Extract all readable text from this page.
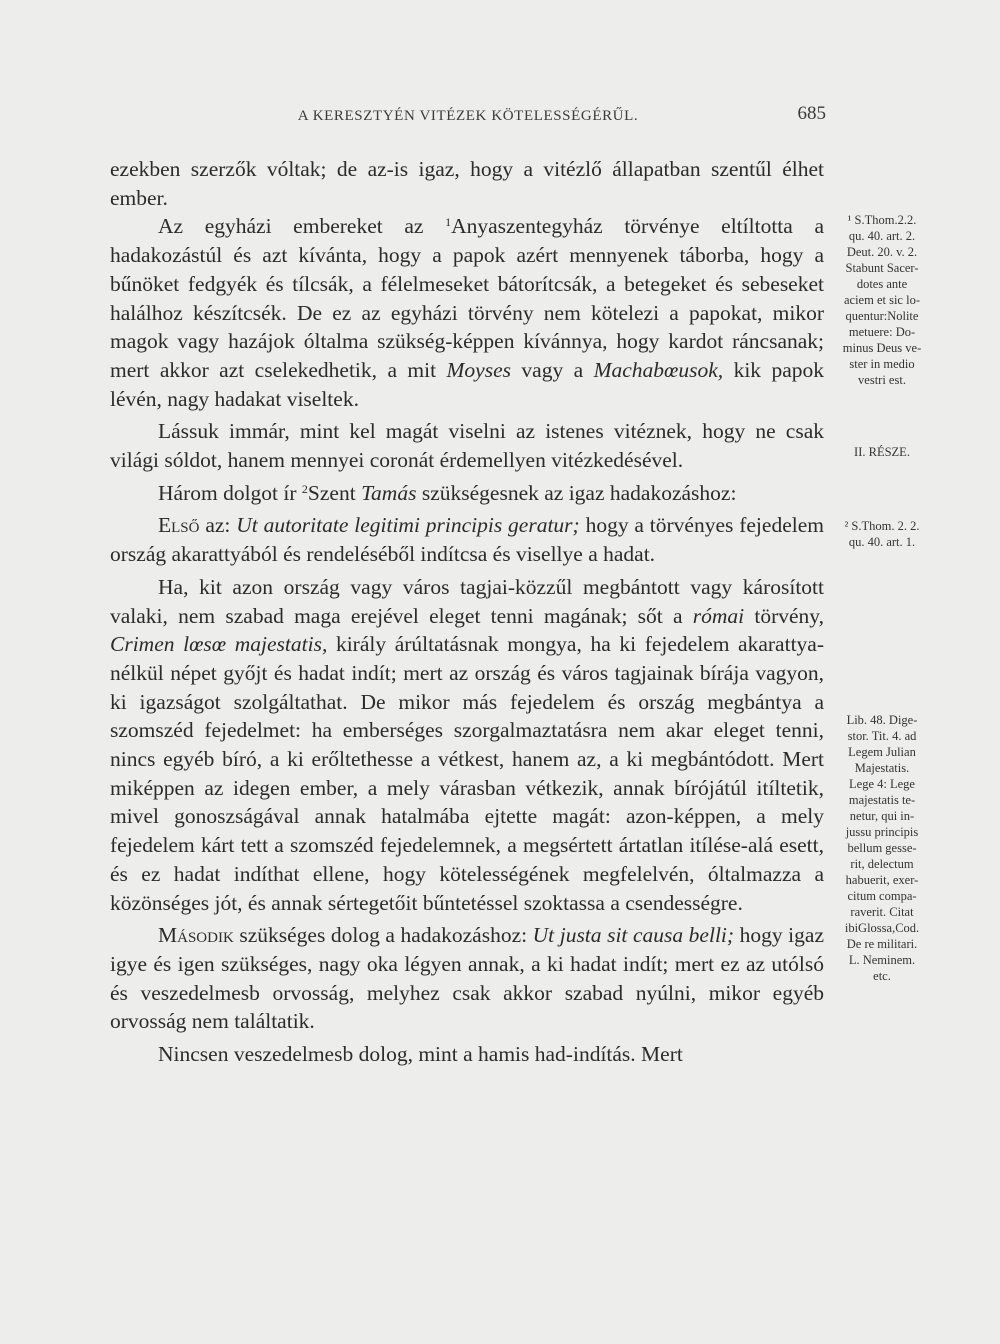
A KERESZTYÉN VITÉZEK KÖTELESSÉGÉRŰL.	685

ezekben szerzők vóltak; de az-is igaz, hogy a vitézlő állapatban szentűl élhet ember.

Az egyházi embereket az $^1$Anyaszentegyház törvénye eltíltotta a hadakozástúl és azt kívánta, hogy a papok azért mennyenek táborba, hogy a bűnöket fedgyék és tílcsák, a félelmeseket bátorítcsák, a betegeket és sebeseket halálhoz készítcsék. De ez az egyházi törvény nem kötelezi a papokat, mikor magok vagy hazájok óltalma szükség-képpen kívánnya, hogy kardot ráncsanak; mert akkor azt cselekedhetik, a mit Moyses vagy a Machabœusok, kik papok lévén, nagy hadakat viseltek.

Lássuk immár, mint kel magát viselni az istenes vitéznek, hogy ne csak világi sóldot, hanem mennyei coronát érdemellyen vitézkedésével.

Három dolgot ír $^2$Szent Tamás szükségesnek az igaz hadakozáshoz:

Első az: Ut autoritate legitimi principis geratur; hogy a törvényes fejedelem ország akarattyából és rendeléséből indítcsa és visellye a hadat.

Ha, kit azon ország vagy város tagjai-közzűl megbántott vagy károsított valaki, nem szabad maga erejével eleget tenni magának; sőt a római törvény, Crimen lœsœ majestatis, király árúltatásnak mongya, ha ki fejedelem akarattya-nélkül népet győjt és hadat indít; mert az ország és város tagjainak bírája vagyon, ki igazságot szolgáltathat. De mikor más fejedelem és ország megbántya a szomszéd fejedelmet: ha emberséges szorgalmaztatásra nem akar eleget tenni, nincs egyéb bíró, a ki erőltethesse a vétkest, hanem az, a ki megbántódott. Mert miképpen az idegen ember, a mely várasban vétkezik, annak bírójátúl itíltetik, mivel gonoszságával annak hatalmába ejtette magát: azon-képpen, a mely fejedelem kárt tett a szomszéd fejedelemnek, a megsértett ártatlan itílése-alá esett, és ez hadat indíthat ellene, hogy kötelességének megfelelvén, óltalmazza a közönséges jót, és annak sértegetőit bűntetéssel szoktassa a csendességre.

Második szükséges dolog a hadakozáshoz: Ut justa sit causa belli; hogy igaz igye és igen szükséges, nagy oka légyen annak, a ki hadat indít; mert ez az utólsó és veszedelmesb orvosság, melyhez csak akkor szabad nyúlni, mikor egyéb orvosság nem találtatik.

Nincsen veszedelmesb dolog, mint a hamis had-indítás. Mert

¹ S.Thom.2.2.
qu. 40. art. 2.
Deut. 20. v. 2.
Stabunt Sacer-
dotes ante
aciem et sic lo-
quentur:Nolite
metuere: Do-
minus Deus ve-
ster in medio
vestri est.
II. RÉSZE.
² S.Thom. 2. 2.
qu. 40. art. 1.
Lib. 48. Dige-
stor. Tit. 4. ad
Legem Julian
Majestatis.
Lege 4: Lege
majestatis te-
netur, qui in-
jussu principis
bellum gesse-
rit, delectum
habuerit, exer-
citum compa-
raverit. Citat
ibiGlossa,Cod.
De re militari.
L. Neminem.
etc.
